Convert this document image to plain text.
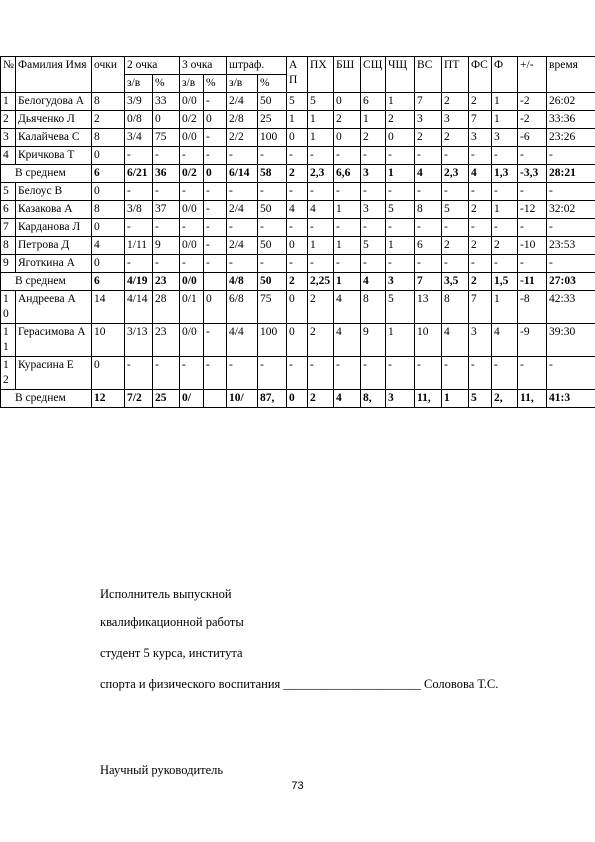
№	Фамилия Имя	очки	2 очка		3 очка		штраф.		АП	ПХ	БШ	СЩ	ЧЩ	ВС	ПТ	ФС	Ф	+/-	время
			з/в	%	з/в	%	з/в	%											
1	Белогудова А	8	3/9	33	0/0	-	2/4	50	5	5	0	6	1	7	2	2	1	-2	26:02
2	Дьяченко Л	2	0/8	0	0/2	0	2/8	25	1	1	2	1	2	3	3	7	1	-2	33:36
3	Калайчева С	8	3/4	75	0/0	-	2/2	100	0	1	0	2	0	2	2	3	3	-6	23:26
4	Кричкова Т	0	-	-	-	-	-	-	-	-	-	-	-	-	-	-	-	-	-
В среднем		6	6/21	36	0/2	0	6/14	58	2	2,3	6,6	3	1	4	2,3	4	1,3	-3,3	28:21
5	Белоус В	0	-	-	-	-	-	-	-	-	-	-	-	-	-	-	-	-	-
6	Казакова А	8	3/8	37	0/0	-	2/4	50	4	4	1	3	5	8	5	2	1	-12	32:02
7	Карданова Л	0	-	-	-	-	-	-	-	-	-	-	-	-	-	-	-	-	-
8	Петрова Д	4	1/11	9	0/0	-	2/4	50	0	1	1	5	1	6	2	2	2	-10	23:53
9	Яготкина А	0	-	-	-	-	-	-	-	-	-	-	-	-	-	-	-	-	-
В среднем		6	4/19	23	0/0		4/8	50	2	2,25	1	4	3	7	3,5	2	1,5	-11	27:03
10	Андреева А	14	4/14	28	0/1	0	6/8	75	0	2	4	8	5	13	8	7	1	-8	42:33
11	Герасимова А	10	3/13	23	0/0	-	4/4	100	0	2	4	9	1	10	4	3	4	-9	39:30
12	Курасина Е	0	-	-	-	-	-	-	-	-	-	-	-	-	-	-	-	-	-
В среднем		12	7/2	25	0/		10/	87,	0	2	4	8,	3	11,	1	5	2,	11,	41:3
Исполнитель выпускной
квалификационной работы
студент 5 курса, института
спорта и физического воспитания ______________________ Соловова Т.С.
Научный руководитель
73
